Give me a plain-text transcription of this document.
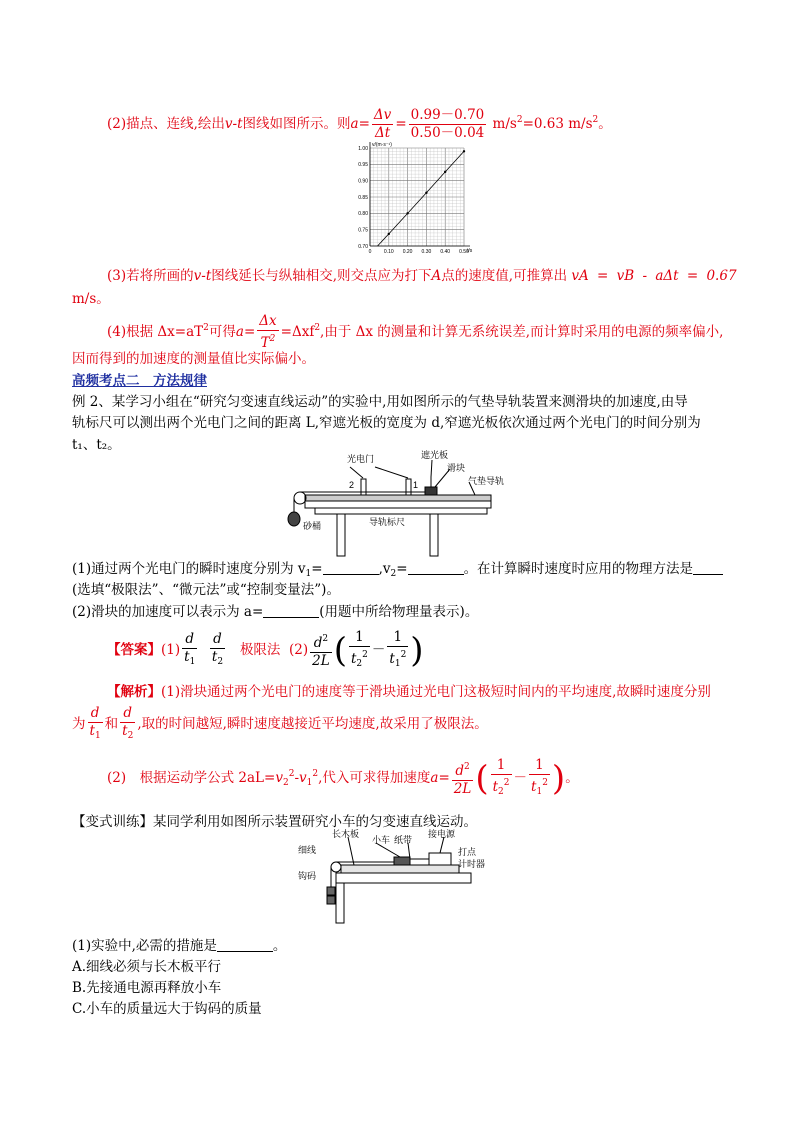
(2)描点、连线,绘出v-t图线如图所示。则$a= \frac{\Delta v}{\Delta t} = \frac{0.99-0.70}{0.50-0.04} m/s^2=0.63$ $m/s^2$。
1.00
0.95
0.90
0.85
0.80
0.75
0.70
0	0.10 0.20 0.30 0.40 0.50
v/(m·s⁻¹)
t/s
(3)若将所画的v-t图线延长与纵轴相交,则交点应为打下A点的速度值,可推算出 vA = vB - aΔt = 0.67
m/s。
(4)根据 $\Delta x=aT^2$可得$a= \frac{\Delta x}{T^2} =\Delta xf^2$,由于 Δx 的测量和计算无系统误差,而计算时采用的电源的频率偏小,
因而得到的加速度的测量值比实际偏小。
高频考点二　方法规律
例 2、某学习小组在“研究匀变速直线运动”的实验中,用如图所示的气垫导轨装置来测滑块的加速度,由导
轨标尺可以测出两个光电门之间的距离 L,窄遮光板的宽度为 d,窄遮光板依次通过两个光电门的时间分别为
t₁、t₂。
光电门	遮光板
滑块
气垫导轨
2	1
导轨标尺
砂桶
(1)通过两个光电门的瞬时速度分别为 $v_1=$	$,v_2=$	。在计算瞬时速度时应用的物理方法是
(选填“极限法”、“微元法”或“控制变量法”)。
(2)滑块的加速度可以表示为 a=	(用题中所给物理量表示)。
【答案】$(1) \frac{d}{t_1}$
$\frac{d}{t_2}$ 极限法 $(2) \frac{d^2}{2L}$ ( $\frac{1}{t_2^2} - \frac{1}{t_1^2}$ )
【解析】(1)滑块通过两个光电门的速度等于滑块通过光电门这极短时间内的平均速度,故瞬时速度分别
为 $\frac{d}{t_1}$ 和 $\frac{d}{t_2}$ ,取的时间越短,瞬时速度越接近平均速度,故采用了极限法。
(2)　根据运动学公式 $2aL=v_2^2-v_1^2$,代入可求得加速度$a= \frac{d^2}{2L}$ ( $\frac{1}{t_2^2} - \frac{1}{t_1^2}$ )。
【变式训练】某同学利用如图所示装置研究小车的匀变速直线运动。
长木板
小车 纸带
接电源
细线
钩码
打点
计时器
(1)实验中,必需的措施是	。
A.细线必须与长木板平行
B.先接通电源再释放小车
C.小车的质量远大于钩码的质量
